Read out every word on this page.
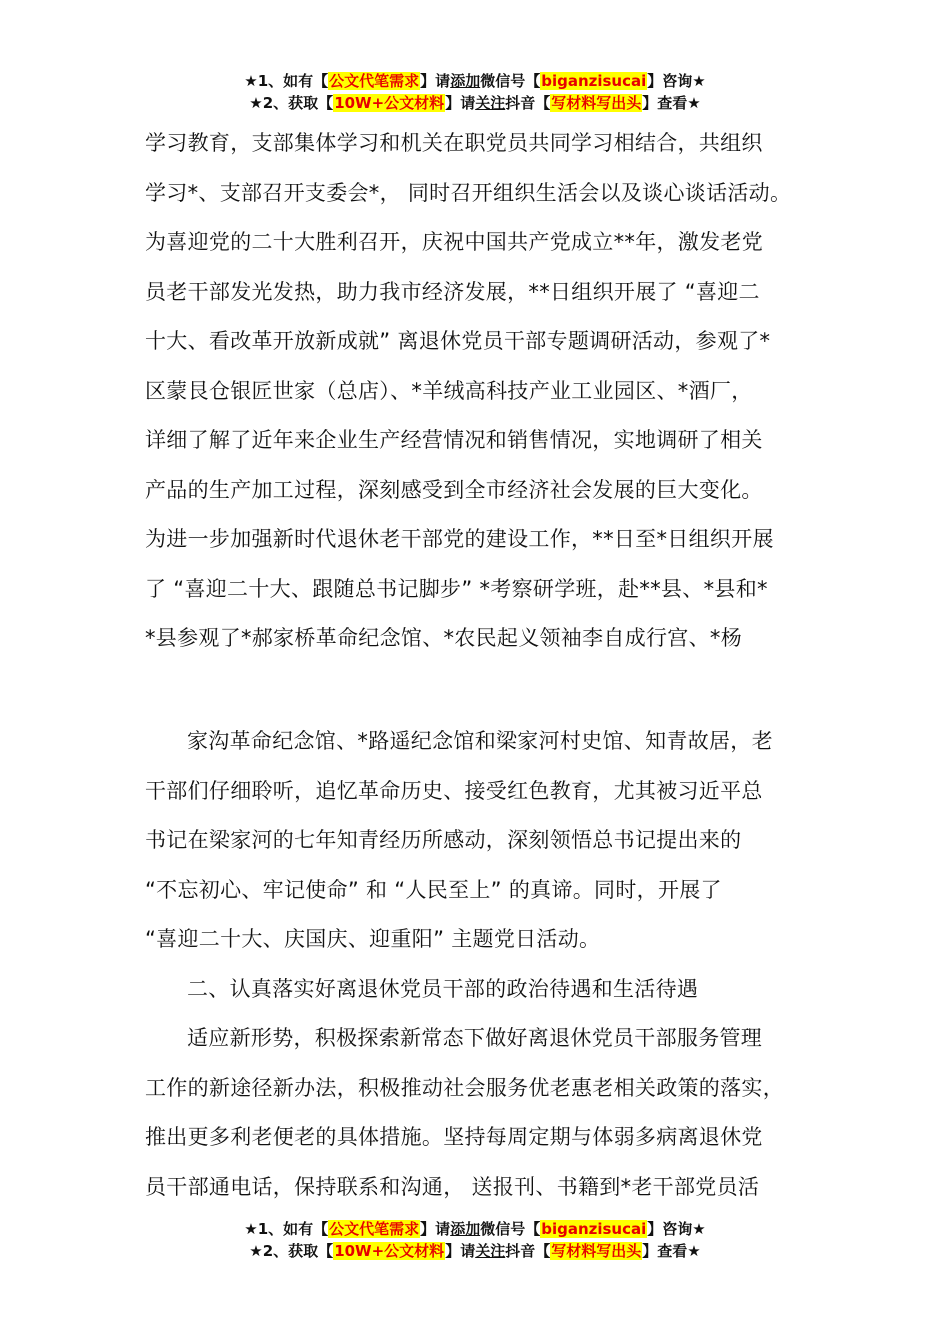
★1、如有【公文代笔需求】请添加微信号【biganzisucai】咨询★
★2、获取【10W+公文材料】请关注抖音【写材料写出头】查看★
学习教育，支部集体学习和机关在职党员共同学习相结合，共组织
学习*、支部召开支委会*， 同时召开组织生活会以及谈心谈话活动。
为喜迎党的二十大胜利召开，庆祝中国共产党成立**年，激发老党
员老干部发光发热，助力我市经济发展，**日组织开展了 “喜迎二
十大、看改革开放新成就” 离退休党员干部专题调研活动，参观了*
区蒙艮仓银匠世家（总店）、*羊绒高科技产业工业园区、*酒厂，
详细了解了近年来企业生产经营情况和销售情况，实地调研了相关
产品的生产加工过程，深刻感受到全市经济社会发展的巨大变化。
为进一步加强新时代退休老干部党的建设工作，**日至*日组织开展
了 “喜迎二十大、跟随总书记脚步” *考察研学班，赴**县、*县和*
*县参观了*郝家桥革命纪念馆、*农民起义领袖李自成行宫、*杨
家沟革命纪念馆、*路遥纪念馆和梁家河村史馆、知青故居，老
干部们仔细聆听，追忆革命历史、接受红色教育，尤其被习近平总
书记在梁家河的七年知青经历所感动，深刻领悟总书记提出来的
“不忘初心、牢记使命” 和 “人民至上” 的真谛。同时，开展了
“喜迎二十大、庆国庆、迎重阳” 主题党日活动。
二、认真落实好离退休党员干部的政治待遇和生活待遇
适应新形势，积极探索新常态下做好离退休党员干部服务管理
工作的新途径新办法，积极推动社会服务优老惠老相关政策的落实，
推出更多利老便老的具体措施。坚持每周定期与体弱多病离退休党
员干部通电话，保持联系和沟通， 送报刊、书籍到*老干部党员活
★1、如有【公文代笔需求】请添加微信号【biganzisucai】咨询★
★2、获取【10W+公文材料】请关注抖音【写材料写出头】查看★
